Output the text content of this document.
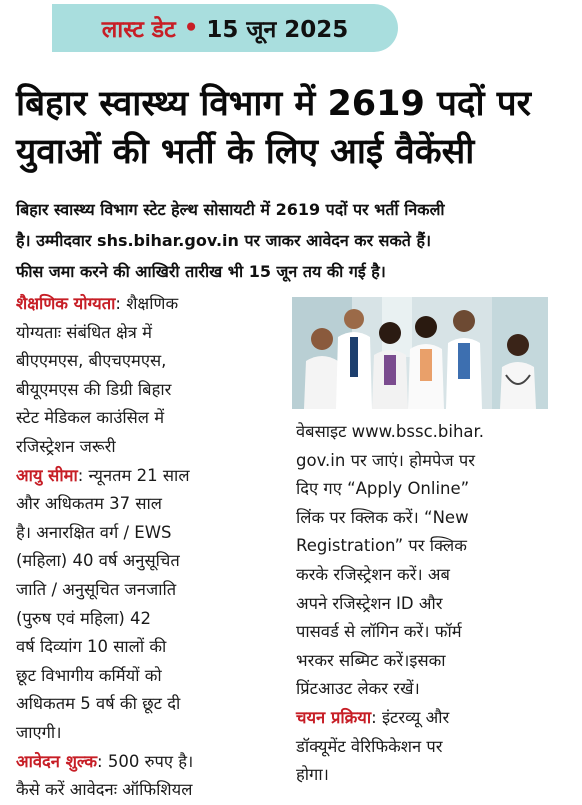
लास्ट डेट • 15 जून 2025
बिहार स्वास्थ्य विभाग में 2619 पदों पर
युवाओं की भर्ती के लिए आई वैकेंसी
बिहार स्वास्थ्य विभाग स्टेट हेल्थ सोसायटी में 2619 पदों पर भर्ती निकली
है। उम्मीदवार shs.bihar.gov.in पर जाकर आवेदन कर सकते हैं।
फीस जमा करने की आखिरी तारीख भी 15 जून तय की गई है।
शैक्षणिक योग्यता: शैक्षणिक
योग्यताः संबंधित क्षेत्र में
बीएएमएस, बीएचएमएस,
बीयूएमएस की डिग्री बिहार
स्टेट मेडिकल काउंसिल में
रजिस्ट्रेशन जरूरी
आयु सीमा: न्यूनतम 21 साल
और अधिकतम 37 साल
है। अनारक्षित वर्ग / EWS
(महिला) 40 वर्ष अनुसूचित
जाति / अनुसूचित जनजाति
(पुरुष एवं महिला) 42
वर्ष दिव्यांग 10 सालों की
छूट विभागीय कर्मियों को
अधिकतम 5 वर्ष की छूट दी
जाएगी।
आवेदन शुल्क: 500 रुपए है।
कैसे करें आवेदनः ऑफिशियल
वेबसाइट www.bssc.bihar.
gov.in पर जाएं। होमपेज पर
दिए गए “Apply Online”
लिंक पर क्लिक करें। “New
Registration” पर क्लिक
करके रजिस्ट्रेशन करें। अब
अपने रजिस्ट्रेशन ID और
पासवर्ड से लॉगिन करें। फॉर्म
भरकर सब्मिट करें।इसका
प्रिंटआउट लेकर रखें।
चयन प्रक्रिया: इंटरव्यू और
डॉक्यूमेंट वेरिफिकेशन पर
होगा।
